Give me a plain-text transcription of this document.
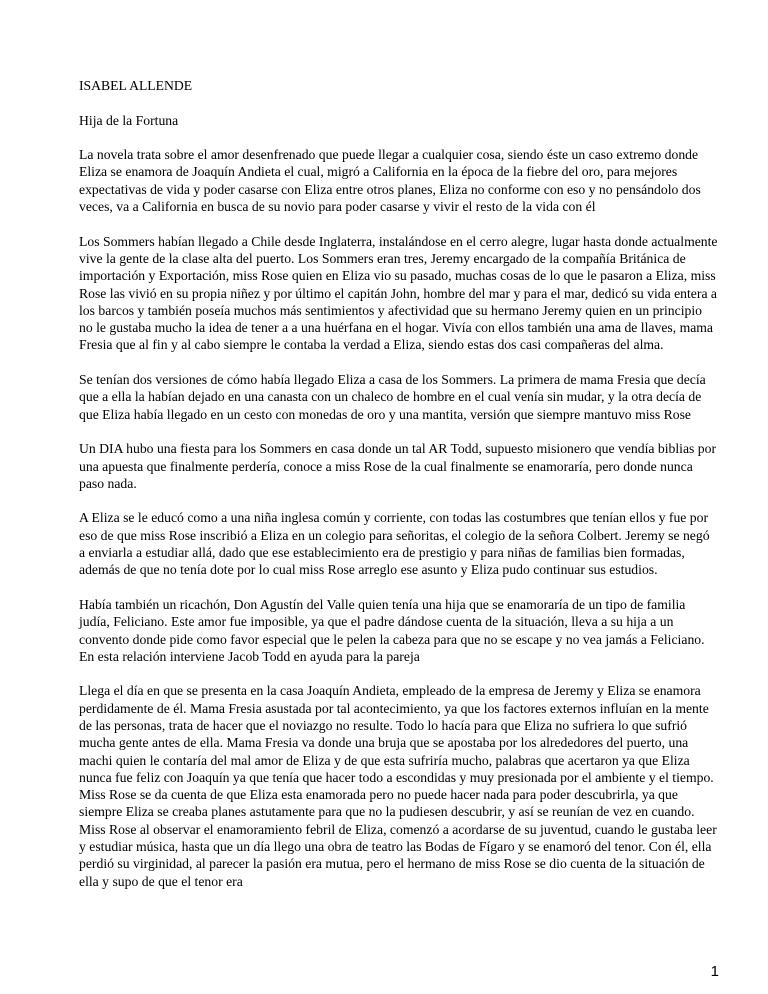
ISABEL ALLENDE

Hija de la Fortuna

La novela trata sobre el amor desenfrenado que puede llegar a cualquier cosa, siendo éste un caso extremo donde Eliza se enamora de Joaquín Andieta el cual, migró a California en la época de la fiebre del oro, para mejores expectativas de vida y poder casarse con Eliza entre otros planes, Eliza no conforme con eso y no pensándolo dos veces, va a California en busca de su novio para poder casarse y vivir el resto de la vida con él

Los Sommers habían llegado a Chile desde Inglaterra, instalándose en el cerro alegre, lugar hasta donde actualmente vive la gente de la clase alta del puerto. Los Sommers eran tres, Jeremy encargado de la compañía Británica de importación y Exportación, miss Rose quien en Eliza vio su pasado, muchas cosas de lo que le pasaron a Eliza, miss Rose las vivió en su propia niñez y por último el capitán John, hombre del mar y para el mar, dedicó su vida entera a los barcos y también poseía muchos más sentimientos y afectividad que su hermano Jeremy quien en un principio no le gustaba mucho la idea de tener a a una huérfana en el hogar. Vivía con ellos también una ama de llaves, mama Fresia que al fin y al cabo siempre le contaba la verdad a Eliza, siendo estas dos casi compañeras del alma.

Se tenían dos versiones de cómo había llegado Eliza a casa de los Sommers. La primera de mama Fresia que decía que a ella la habían dejado en una canasta con un chaleco de hombre en el cual venía sin mudar, y la otra decía de que Eliza había llegado en un cesto con monedas de oro y una mantita, versión que siempre mantuvo miss Rose

Un DIA hubo una fiesta para los Sommers en casa donde un tal AR Todd, supuesto misionero que vendía biblias por una apuesta que finalmente perdería, conoce a miss Rose de la cual finalmente se enamoraría, pero donde nunca paso nada.

A Eliza se le educó como a una niña inglesa común y corriente, con todas las costumbres que tenían ellos y fue por eso de que miss Rose inscribió a Eliza en un colegio para señoritas, el colegio de la señora Colbert. Jeremy se negó a enviarla a estudiar allá, dado que ese establecimiento era de prestigio y para niñas de familias bien formadas, además de que no tenía dote por lo cual miss Rose arreglo ese asunto y Eliza pudo continuar sus estudios.

Había también un ricachón, Don Agustín del Valle quien tenía una hija que se enamoraría de un tipo de familia judía, Feliciano. Este amor fue imposible, ya que el padre dándose cuenta de la situación, lleva a su hija a un convento donde pide como favor especial que le pelen la cabeza para que no se escape y no vea jamás a Feliciano. En esta relación interviene Jacob Todd en ayuda para la pareja

Llega el día en que se presenta en la casa Joaquín Andieta, empleado de la empresa de Jeremy y Eliza se enamora perdidamente de él. Mama Fresia asustada por tal acontecimiento, ya que los factores externos influían en la mente de las personas, trata de hacer que el noviazgo no resulte. Todo lo hacía para que Eliza no sufriera lo que sufrió mucha gente antes de ella. Mama Fresia va donde una bruja que se apostaba por los alrededores del puerto, una machi quien le contaría del mal amor de Eliza y de que esta sufriría mucho, palabras que acertaron ya que Eliza nunca fue feliz con Joaquín ya que tenía que hacer todo a escondidas y muy presionada por el ambiente y el tiempo. Miss Rose se da cuenta de que Eliza esta enamorada pero no puede hacer nada para poder descubrirla, ya que siempre Eliza se creaba planes astutamente para que no la pudiesen descubrir, y así se reunían de vez en cuando. Miss Rose al observar el enamoramiento febril de Eliza, comenzó a acordarse de su juventud, cuando le gustaba leer y estudiar música, hasta que un día llego una obra de teatro las Bodas de Fígaro y se enamoró del tenor. Con él, ella perdió su virginidad, al parecer la pasión era mutua, pero el hermano de miss Rose se dio cuenta de la situación de ella y supo de que el tenor era

1
